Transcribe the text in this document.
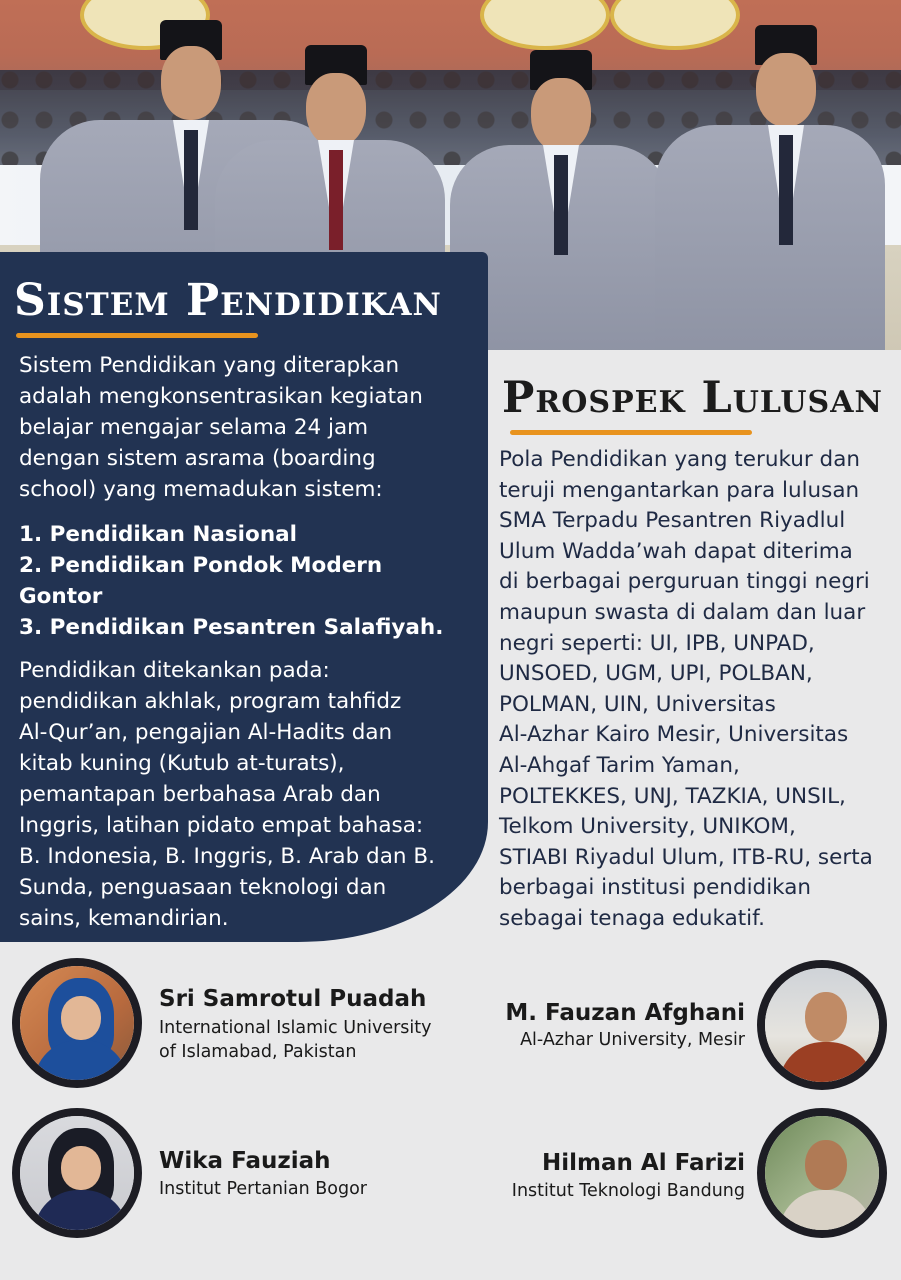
Sistem Pendidikan
Sistem Pendidikan yang diterapkan
adalah mengkonsentrasikan kegiatan
belajar mengajar selama 24 jam
dengan sistem asrama (boarding
school) yang memadukan sistem:
1. Pendidikan Nasional
2. Pendidikan Pondok Modern
Gontor
3. Pendidikan Pesantren Salafiyah.
Pendidikan ditekankan pada:
pendidikan akhlak, program tahfidz
Al-Qur’an, pengajian Al-Hadits dan
kitab kuning (Kutub at-turats),
pemantapan berbahasa Arab dan
Inggris, latihan pidato empat bahasa:
B. Indonesia, B. Inggris, B. Arab dan B.
Sunda, penguasaan teknologi dan
sains, kemandirian.
Prospek Lulusan
Pola Pendidikan yang terukur dan
teruji mengantarkan para lulusan
SMA Terpadu Pesantren Riyadlul
Ulum Wadda’wah dapat diterima
di berbagai perguruan tinggi negri
maupun swasta di dalam dan luar
negri seperti: UI, IPB, UNPAD,
UNSOED, UGM, UPI, POLBAN,
POLMAN, UIN, Universitas
Al-Azhar Kairo Mesir, Universitas
Al-Ahgaf Tarim Yaman,
POLTEKKES, UNJ, TAZKIA, UNSIL,
Telkom University, UNIKOM,
STIABI Riyadul Ulum, ITB-RU, serta
berbagai institusi pendidikan
sebagai tenaga edukatif.
Sri Samrotul Puadah
International Islamic University
of Islamabad, Pakistan
M. Fauzan Afghani
Al-Azhar University, Mesir
Wika Fauziah
Institut Pertanian Bogor
Hilman Al Farizi
Institut Teknologi Bandung
